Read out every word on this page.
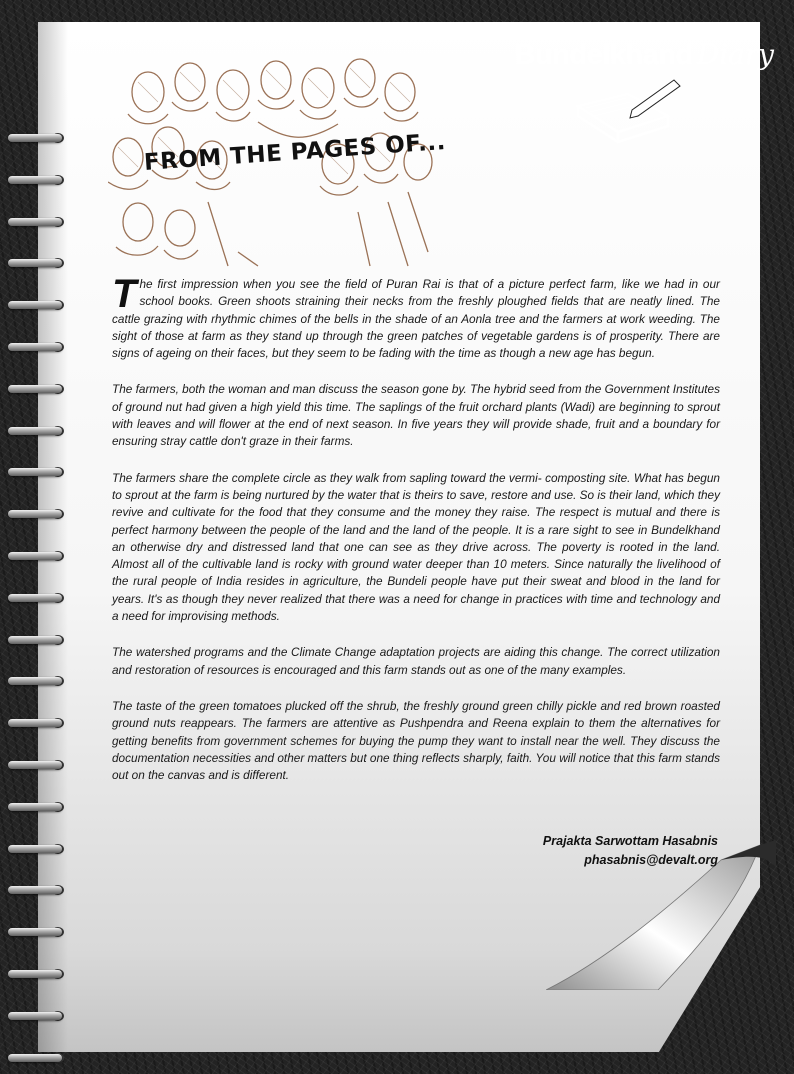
Bundelkhand Diary
FROM THE PAGES OF...

The first impression when you see the field of Puran Rai is that of a picture perfect farm, like we had in our school books. Green shoots straining their necks from the freshly ploughed fields that are neatly lined. The cattle grazing with rhythmic chimes of the bells in the shade of an Aonla tree and the farmers at work weeding. The sight of those at farm as they stand up through the green patches of vegetable gardens is of prosperity. There are signs of ageing on their faces, but they seem to be fading with the time as though a new age has begun.

The farmers, both the woman and man discuss the season gone by. The hybrid seed from the Government Institutes of ground nut had given a high yield this time. The saplings of the fruit orchard plants (Wadi) are beginning to sprout with leaves and will flower at the end of next season. In five years they will provide shade, fruit and a boundary for ensuring stray cattle don't graze in their farms.

The farmers share the complete circle as they walk from sapling toward the vermi- composting site. What has begun to sprout at the farm is being nurtured by the water that is theirs to save, restore and use. So is their land, which they revive and cultivate for the food that they consume and the money they raise. The respect is mutual and there is perfect harmony between the people of the land and the land of the people. It is a rare sight to see in Bundelkhand an otherwise dry and distressed land that one can see as they drive across. The poverty is rooted in the land. Almost all of the cultivable land is rocky with ground water deeper than 10 meters. Since naturally the livelihood of the rural people of India resides in agriculture, the Bundeli people have put their sweat and blood in the land for years. It's as though they never realized that there was a need for change in practices with time and technology and a need for improvising methods.

The watershed programs and the Climate Change adaptation projects are aiding this change. The correct utilization and restoration of resources is encouraged and this farm stands out as one of the many examples.

The taste of the green tomatoes plucked off the shrub, the freshly ground green chilly pickle and red brown roasted ground nuts reappears. The farmers are attentive as Pushpendra and Reena explain to them the alternatives for getting benefits from government schemes for buying the pump they want to install near the well. They discuss the documentation necessities and other matters but one thing reflects sharply, faith. You will notice that this farm stands out on the canvas and is different.

Prajakta Sarwottam Hasabnis
phasabnis@devalt.org
